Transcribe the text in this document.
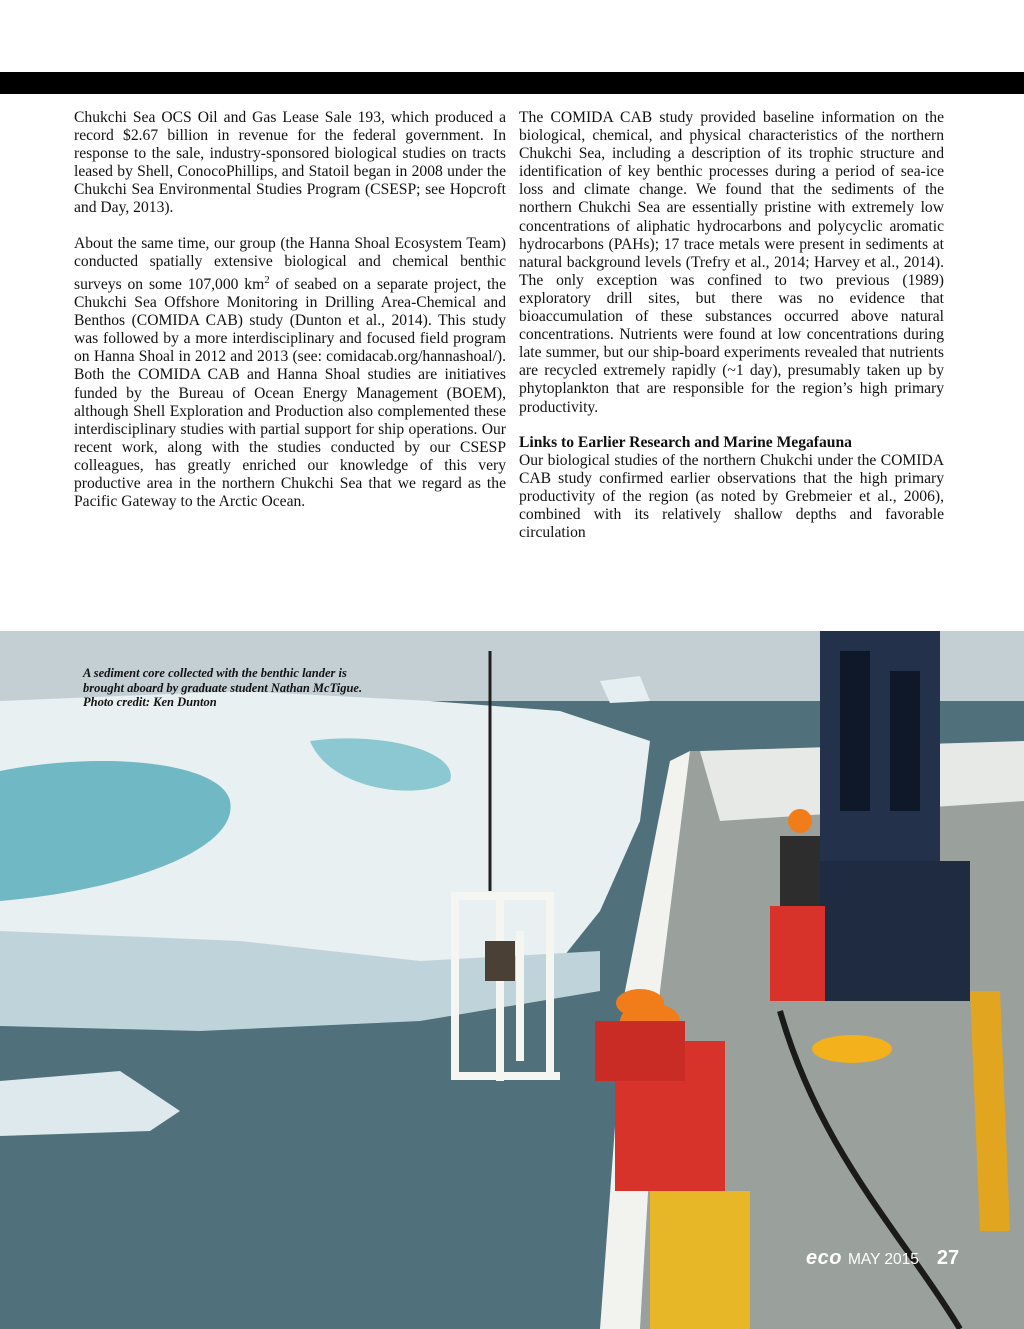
Chukchi Sea OCS Oil and Gas Lease Sale 193, which produced a record $2.67 billion in revenue for the federal government. In response to the sale, industry-sponsored biological studies on tracts leased by Shell, ConocoPhillips, and Statoil began in 2008 under the Chukchi Sea Environmental Studies Program (CSESP; see Hopcroft and Day, 2013).

About the same time, our group (the Hanna Shoal Ecosystem Team) conducted spatially extensive biological and chemical benthic surveys on some 107,000 $km^2$ of seabed on a separate project, the Chukchi Sea Offshore Monitoring in Drilling Area-Chemical and Benthos (COMIDA CAB) study (Dunton et al., 2014). This study was followed by a more interdisciplinary and focused field program on Hanna Shoal in 2012 and 2013 (see: comidacab.org/hannashoal/). Both the COMIDA CAB and Hanna Shoal studies are initiatives funded by the Bureau of Ocean Energy Management (BOEM), although Shell Exploration and Production also complemented these interdisciplinary studies with partial support for ship operations. Our recent work, along with the studies conducted by our CSESP colleagues, has greatly enriched our knowledge of this very productive area in the northern Chukchi Sea that we regard as the Pacific Gateway to the Arctic Ocean.

The COMIDA CAB study provided baseline information on the biological, chemical, and physical characteristics of the northern Chukchi Sea, including a description of its trophic structure and identification of key benthic processes during a period of sea-ice loss and climate change. We found that the sediments of the northern Chukchi Sea are essentially pristine with extremely low concentrations of aliphatic hydrocarbons and polycyclic aromatic hydrocarbons (PAHs); 17 trace metals were present in sediments at natural background levels (Trefry et al., 2014; Harvey et al., 2014). The only exception was confined to two previous (1989) exploratory drill sites, but there was no evidence that bioaccumulation of these substances occurred above natural concentrations. Nutrients were found at low concentrations during late summer, but our ship-board experiments revealed that nutrients are recycled extremely rapidly (~1 day), presumably taken up by phytoplankton that are responsible for the region’s high primary productivity.

Links to Earlier Research and Marine Megafauna

Our biological studies of the northern Chukchi under the COMIDA CAB study confirmed earlier observations that the high primary productivity of the region (as noted by Grebmeier et al., 2006), combined with its relatively shallow depths and favorable circulation

A sediment core collected with the benthic lander is
brought aboard by graduate student Nathan McTigue.
Photo credit: Ken Dunton
eco MAY 2015 27
